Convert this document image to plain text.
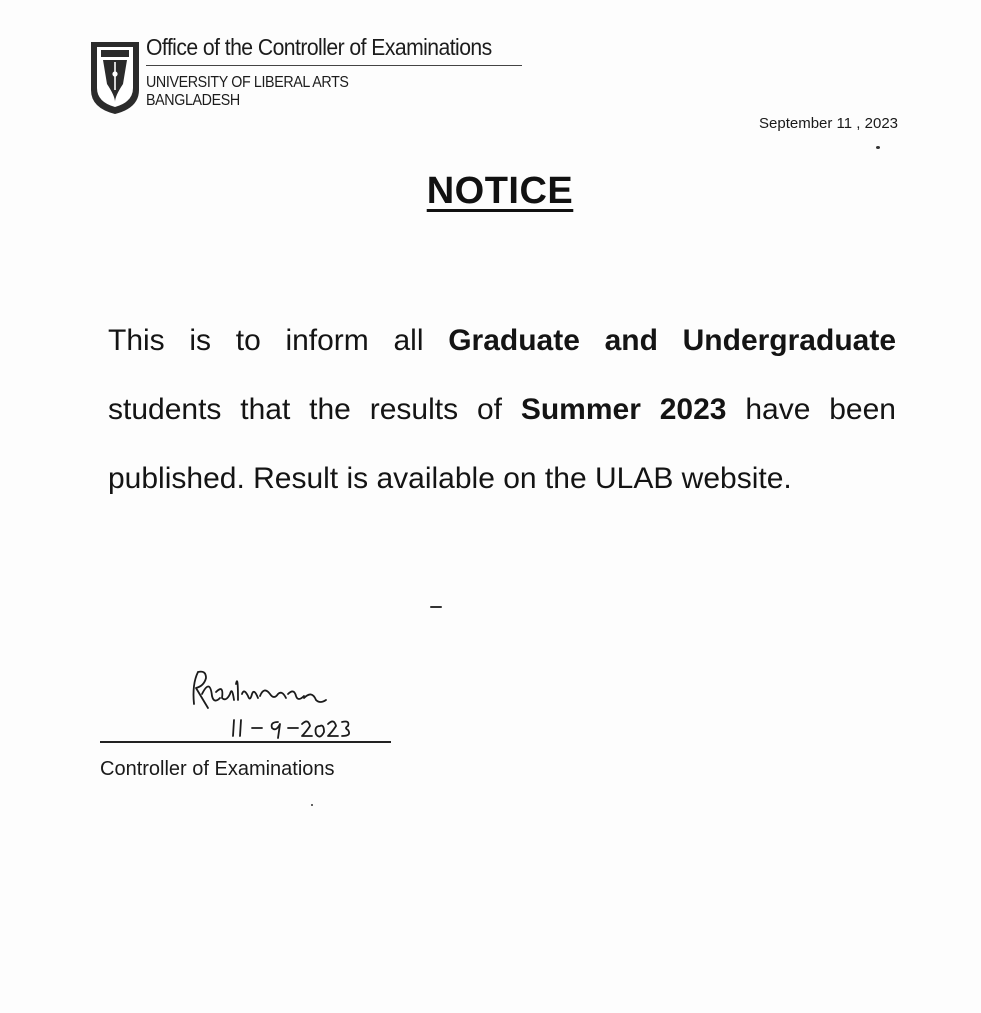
Office of the Controller of Examinations
UNIVERSITY OF LIBERAL ARTS
BANGLADESH
September 11 , 2023
NOTICE
This is to inform all Graduate and Undergraduate students that the results of Summer 2023 have been published. Result is available on the ULAB website.
Controller of Examinations
